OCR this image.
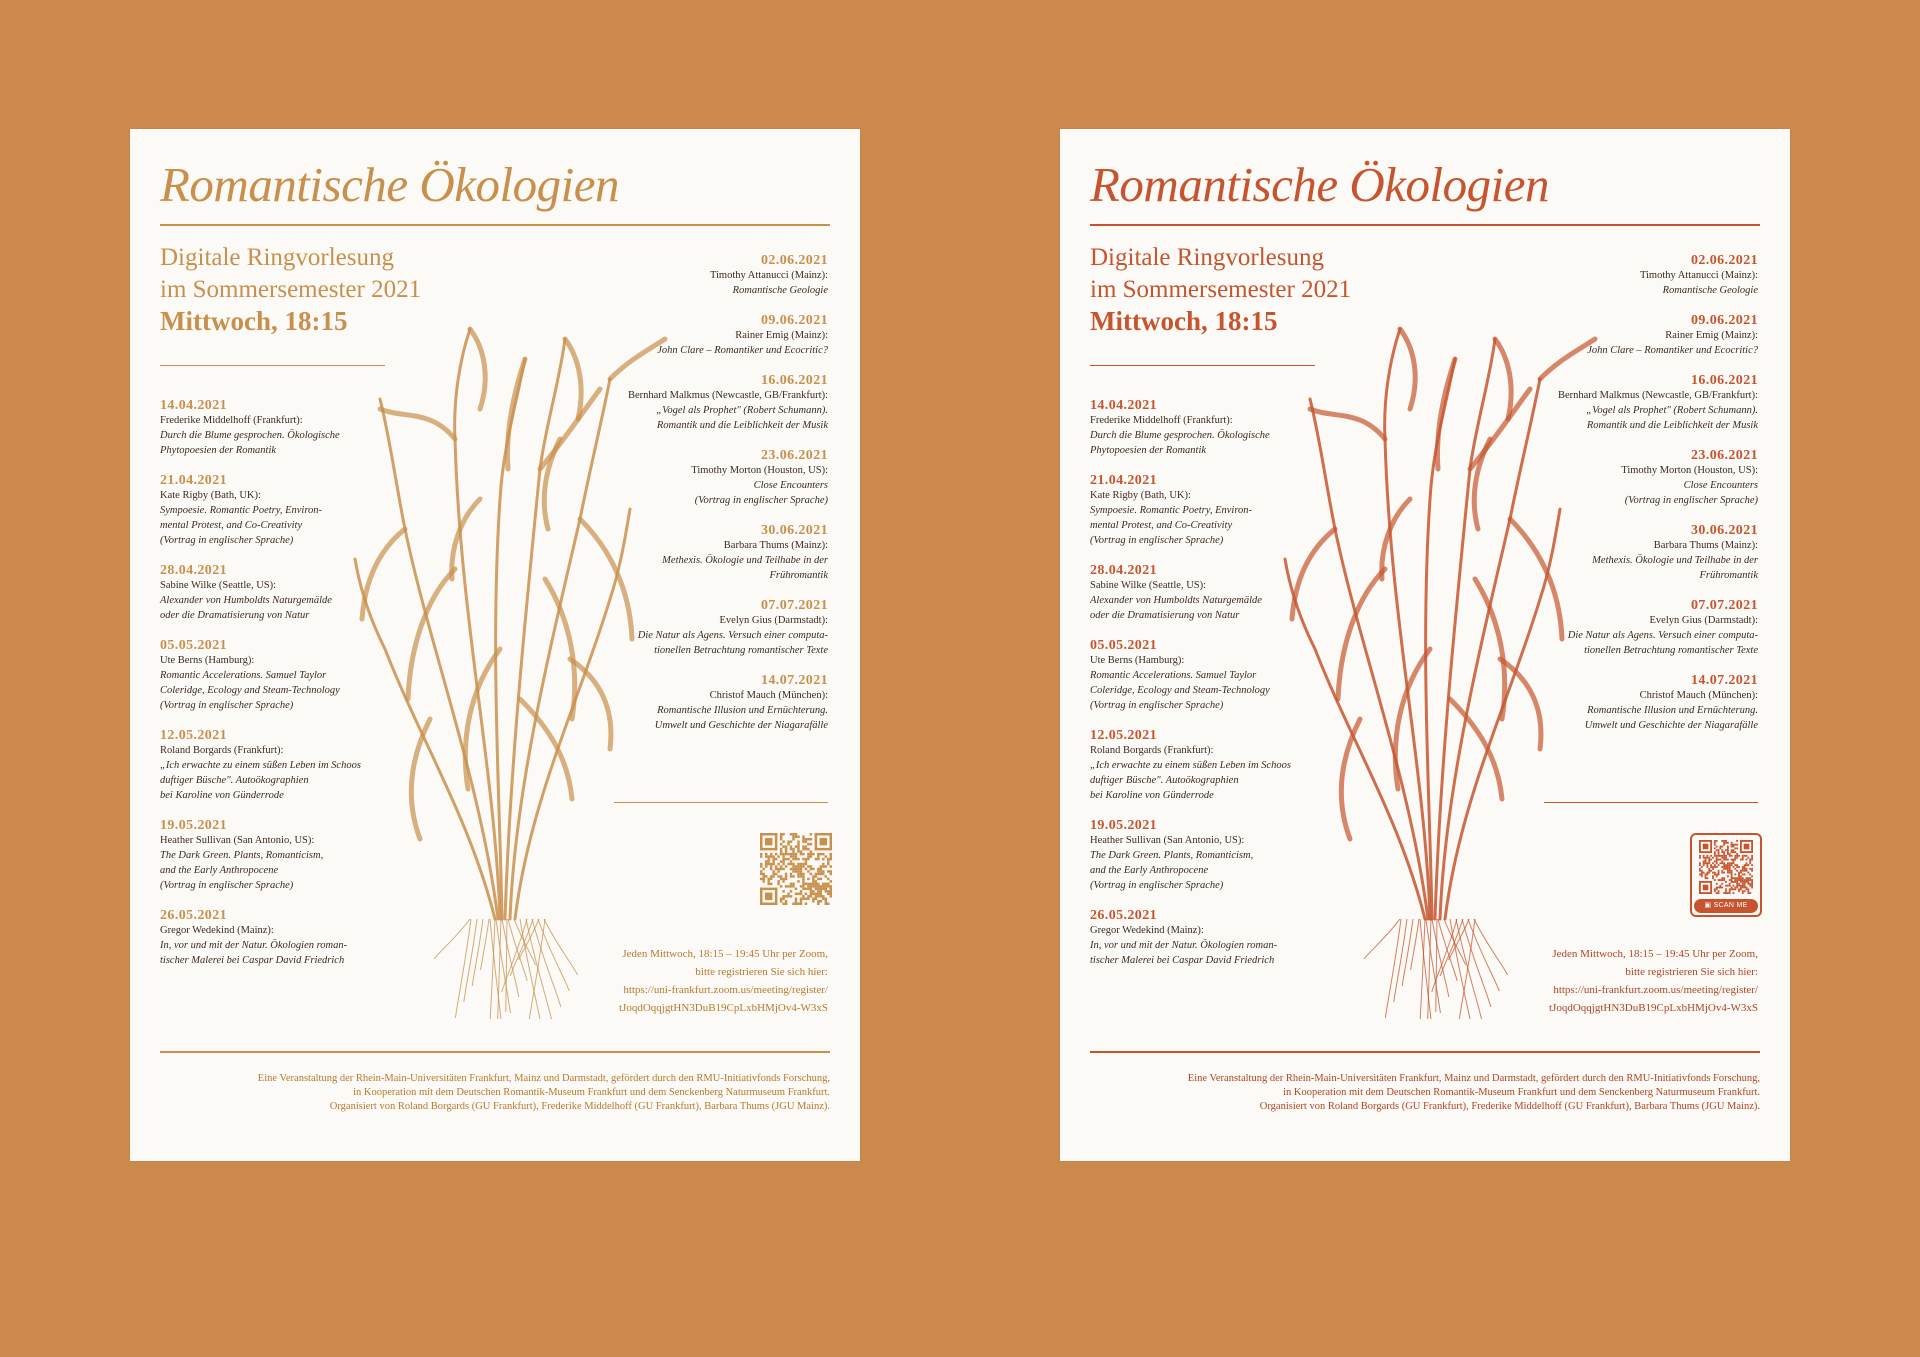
Romantische Ökologien
Digitale Ringvorlesung
im Sommersemester 2021
Mittwoch, 18:15
14.04.2021
Frederike Middelhoff (Frankfurt):
Durch die Blume gesprochen. Ökologische
Phytopoesien der Romantik
21.04.2021
Kate Rigby (Bath, UK):
Sympoesie. Romantic Poetry, Environ-
mental Protest, and Co-Creativity
(Vortrag in englischer Sprache)
28.04.2021
Sabine Wilke (Seattle, US):
Alexander von Humboldts Naturgemälde
oder die Dramatisierung von Natur
05.05.2021
Ute Berns (Hamburg):
Romantic Accelerations. Samuel Taylor
Coleridge, Ecology and Steam-Technology
(Vortrag in englischer Sprache)
12.05.2021
Roland Borgards (Frankfurt):
„Ich erwachte zu einem süßen Leben im Schoos
duftiger Büsche". Autoökographien
bei Karoline von Günderrode
19.05.2021
Heather Sullivan (San Antonio, US):
The Dark Green. Plants, Romanticism,
and the Early Anthropocene
(Vortrag in englischer Sprache)
26.05.2021
Gregor Wedekind (Mainz):
In, vor und mit der Natur. Ökologien roman-
tischer Malerei bei Caspar David Friedrich
02.06.2021
Timothy Attanucci (Mainz):
Romantische Geologie
09.06.2021
Rainer Emig (Mainz):
John Clare – Romantiker und Ecocritic?
16.06.2021
Bernhard Malkmus (Newcastle, GB/Frankfurt):
„Vogel als Prophet" (Robert Schumann).
Romantik und die Leiblichkeit der Musik
23.06.2021
Timothy Morton (Houston, US):
Close Encounters
(Vortrag in englischer Sprache)
30.06.2021
Barbara Thums (Mainz):
Methexis. Ökologie und Teilhabe in der
Frühromantik
07.07.2021
Evelyn Gius (Darmstadt):
Die Natur als Agens. Versuch einer computa-
tionellen Betrachtung romantischer Texte
14.07.2021
Christof Mauch (München):
Romantische Illusion und Ernüchterung.
Umwelt und Geschichte der Niagarafälle
Jeden Mittwoch, 18:15 – 19:45 Uhr per Zoom,
bitte registrieren Sie sich hier:
https://uni-frankfurt.zoom.us/meeting/register/
tJoqdOqqjgtHN3DuB19CpLxbHMjOv4-W3xS
Eine Veranstaltung der Rhein-Main-Universitäten Frankfurt, Mainz und Darmstadt, gefördert durch den RMU-Initiativfonds Forschung,
in Kooperation mit dem Deutschen Romantik-Museum Frankfurt und dem Senckenberg Naturmuseum Frankfurt.
Organisiert von Roland Borgards (GU Frankfurt), Frederike Middelhoff (GU Frankfurt), Barbara Thums (JGU Mainz).
Romantische Ökologien
Digitale Ringvorlesung
im Sommersemester 2021
Mittwoch, 18:15
14.04.2021
Frederike Middelhoff (Frankfurt):
Durch die Blume gesprochen. Ökologische
Phytopoesien der Romantik
21.04.2021
Kate Rigby (Bath, UK):
Sympoesie. Romantic Poetry, Environ-
mental Protest, and Co-Creativity
(Vortrag in englischer Sprache)
28.04.2021
Sabine Wilke (Seattle, US):
Alexander von Humboldts Naturgemälde
oder die Dramatisierung von Natur
05.05.2021
Ute Berns (Hamburg):
Romantic Accelerations. Samuel Taylor
Coleridge, Ecology and Steam-Technology
(Vortrag in englischer Sprache)
12.05.2021
Roland Borgards (Frankfurt):
„Ich erwachte zu einem süßen Leben im Schoos
duftiger Büsche". Autoökographien
bei Karoline von Günderrode
19.05.2021
Heather Sullivan (San Antonio, US):
The Dark Green. Plants, Romanticism,
and the Early Anthropocene
(Vortrag in englischer Sprache)
26.05.2021
Gregor Wedekind (Mainz):
In, vor und mit der Natur. Ökologien roman-
tischer Malerei bei Caspar David Friedrich
02.06.2021
Timothy Attanucci (Mainz):
Romantische Geologie
09.06.2021
Rainer Emig (Mainz):
John Clare – Romantiker und Ecocritic?
16.06.2021
Bernhard Malkmus (Newcastle, GB/Frankfurt):
„Vogel als Prophet" (Robert Schumann).
Romantik und die Leiblichkeit der Musik
23.06.2021
Timothy Morton (Houston, US):
Close Encounters
(Vortrag in englischer Sprache)
30.06.2021
Barbara Thums (Mainz):
Methexis. Ökologie und Teilhabe in der
Frühromantik
07.07.2021
Evelyn Gius (Darmstadt):
Die Natur als Agens. Versuch einer computa-
tionellen Betrachtung romantischer Texte
14.07.2021
Christof Mauch (München):
Romantische Illusion und Ernüchterung.
Umwelt und Geschichte der Niagarafälle
▣ SCAN ME
Jeden Mittwoch, 18:15 – 19:45 Uhr per Zoom,
bitte registrieren Sie sich hier:
https://uni-frankfurt.zoom.us/meeting/register/
tJoqdOqqjgtHN3DuB19CpLxbHMjOv4-W3xS
Eine Veranstaltung der Rhein-Main-Universitäten Frankfurt, Mainz und Darmstadt, gefördert durch den RMU-Initiativfonds Forschung,
in Kooperation mit dem Deutschen Romantik-Museum Frankfurt und dem Senckenberg Naturmuseum Frankfurt.
Organisiert von Roland Borgards (GU Frankfurt), Frederike Middelhoff (GU Frankfurt), Barbara Thums (JGU Mainz).
